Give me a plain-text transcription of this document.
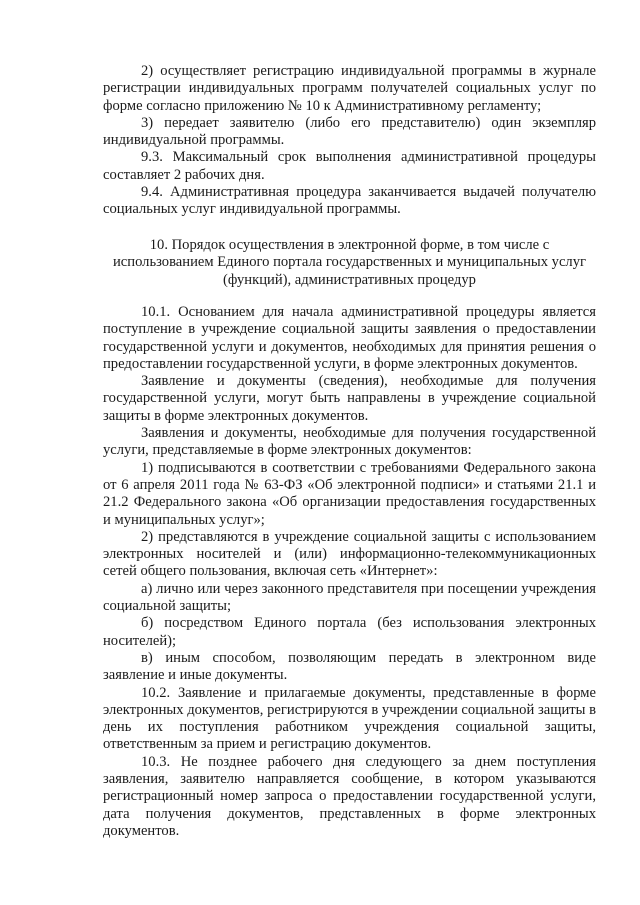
2) осуществляет регистрацию индивидуальной программы в журнале регистрации индивидуальных программ получателей социальных услуг по форме согласно приложению № 10 к Административному регламенту;

3) передает заявителю (либо его представителю) один экземпляр индивидуальной программы.

9.3. Максимальный срок выполнения административной процедуры составляет 2 рабочих дня.

9.4. Административная процедура заканчивается выдачей получателю социальных услуг индивидуальной программы.

10. Порядок осуществления в электронной форме, в том числе с

использованием Единого портала государственных и муниципальных услуг

(функций), административных процедур

10.1. Основанием для начала административной процедуры является поступление в учреждение социальной защиты заявления о предоставлении государственной услуги и документов, необходимых для принятия решения о предоставлении государственной услуги, в форме электронных документов.

Заявление и документы (сведения), необходимые для получения государственной услуги, могут быть направлены в учреждение социальной защиты в форме электронных документов.

Заявления и документы, необходимые для получения государственной услуги, представляемые в форме электронных документов:

1) подписываются в соответствии с требованиями Федерального закона от 6 апреля 2011 года № 63-ФЗ «Об электронной подписи» и статьями 21.1 и 21.2 Федерального закона «Об организации предоставления государственных и муниципальных услуг»;

2) представляются в учреждение социальной защиты с использованием электронных носителей и (или) информационно-телекоммуникационных сетей общего пользования, включая сеть «Интернет»:

а) лично или через законного представителя при посещении учреждения социальной защиты;

б) посредством Единого портала (без использования электронных носителей);

в) иным способом, позволяющим передать в электронном виде заявление и иные документы.

10.2. Заявление и прилагаемые документы, представленные в форме электронных документов, регистрируются в учреждении социальной защиты в день их поступления работником учреждения социальной защиты, ответственным за прием и регистрацию документов.

10.3. Не позднее рабочего дня следующего за днем поступления заявления, заявителю направляется сообщение, в котором указываются регистрационный номер запроса о предоставлении государственной услуги, дата получения документов, представленных в форме электронных документов.
